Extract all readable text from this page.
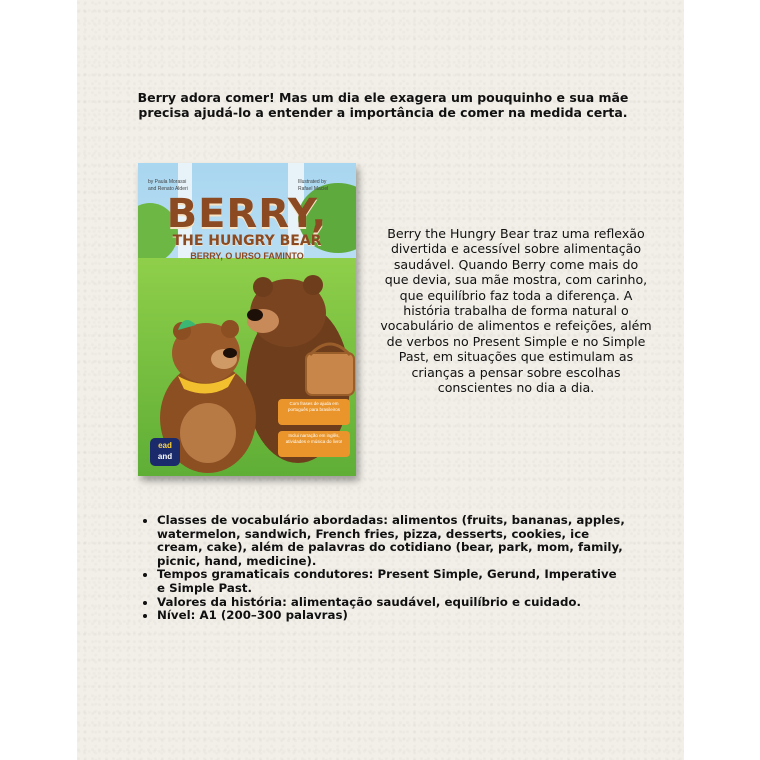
Berry adora comer! Mas um dia ele exagera um pouquinho e sua mãe precisa ajudá-lo a entender a importância de comer na medida certa.
by Paula Morassi
and Renato Alderi
Illustrated by
Rafael Maciel
BERRY,
THE HUNGRY BEAR
BERRY, O URSO FAMINTO
Com frases de ajuda em português para brasileiros
Inclui narração em inglês, atividades e música do livro!
ead
and
Berry the Hungry Bear traz uma reflexão divertida e acessível sobre alimentação saudável. Quando Berry come mais do que devia, sua mãe mostra, com carinho, que equilíbrio faz toda a diferença. A história trabalha de forma natural o vocabulário de alimentos e refeições, além de verbos no Present Simple e no Simple Past, em situações que estimulam as crianças a pensar sobre escolhas conscientes no dia a dia.
• Classes de vocabulário abordadas: alimentos (fruits, bananas, apples, watermelon, sandwich, French fries, pizza, desserts, cookies, ice cream, cake), além de palavras do cotidiano (bear, park, mom, family, picnic, hand, medicine).
• Tempos gramaticais condutores: Present Simple, Gerund, Imperative e Simple Past.
• Valores da história: alimentação saudável, equilíbrio e cuidado.
• Nível: A1 (200–300 palavras)
